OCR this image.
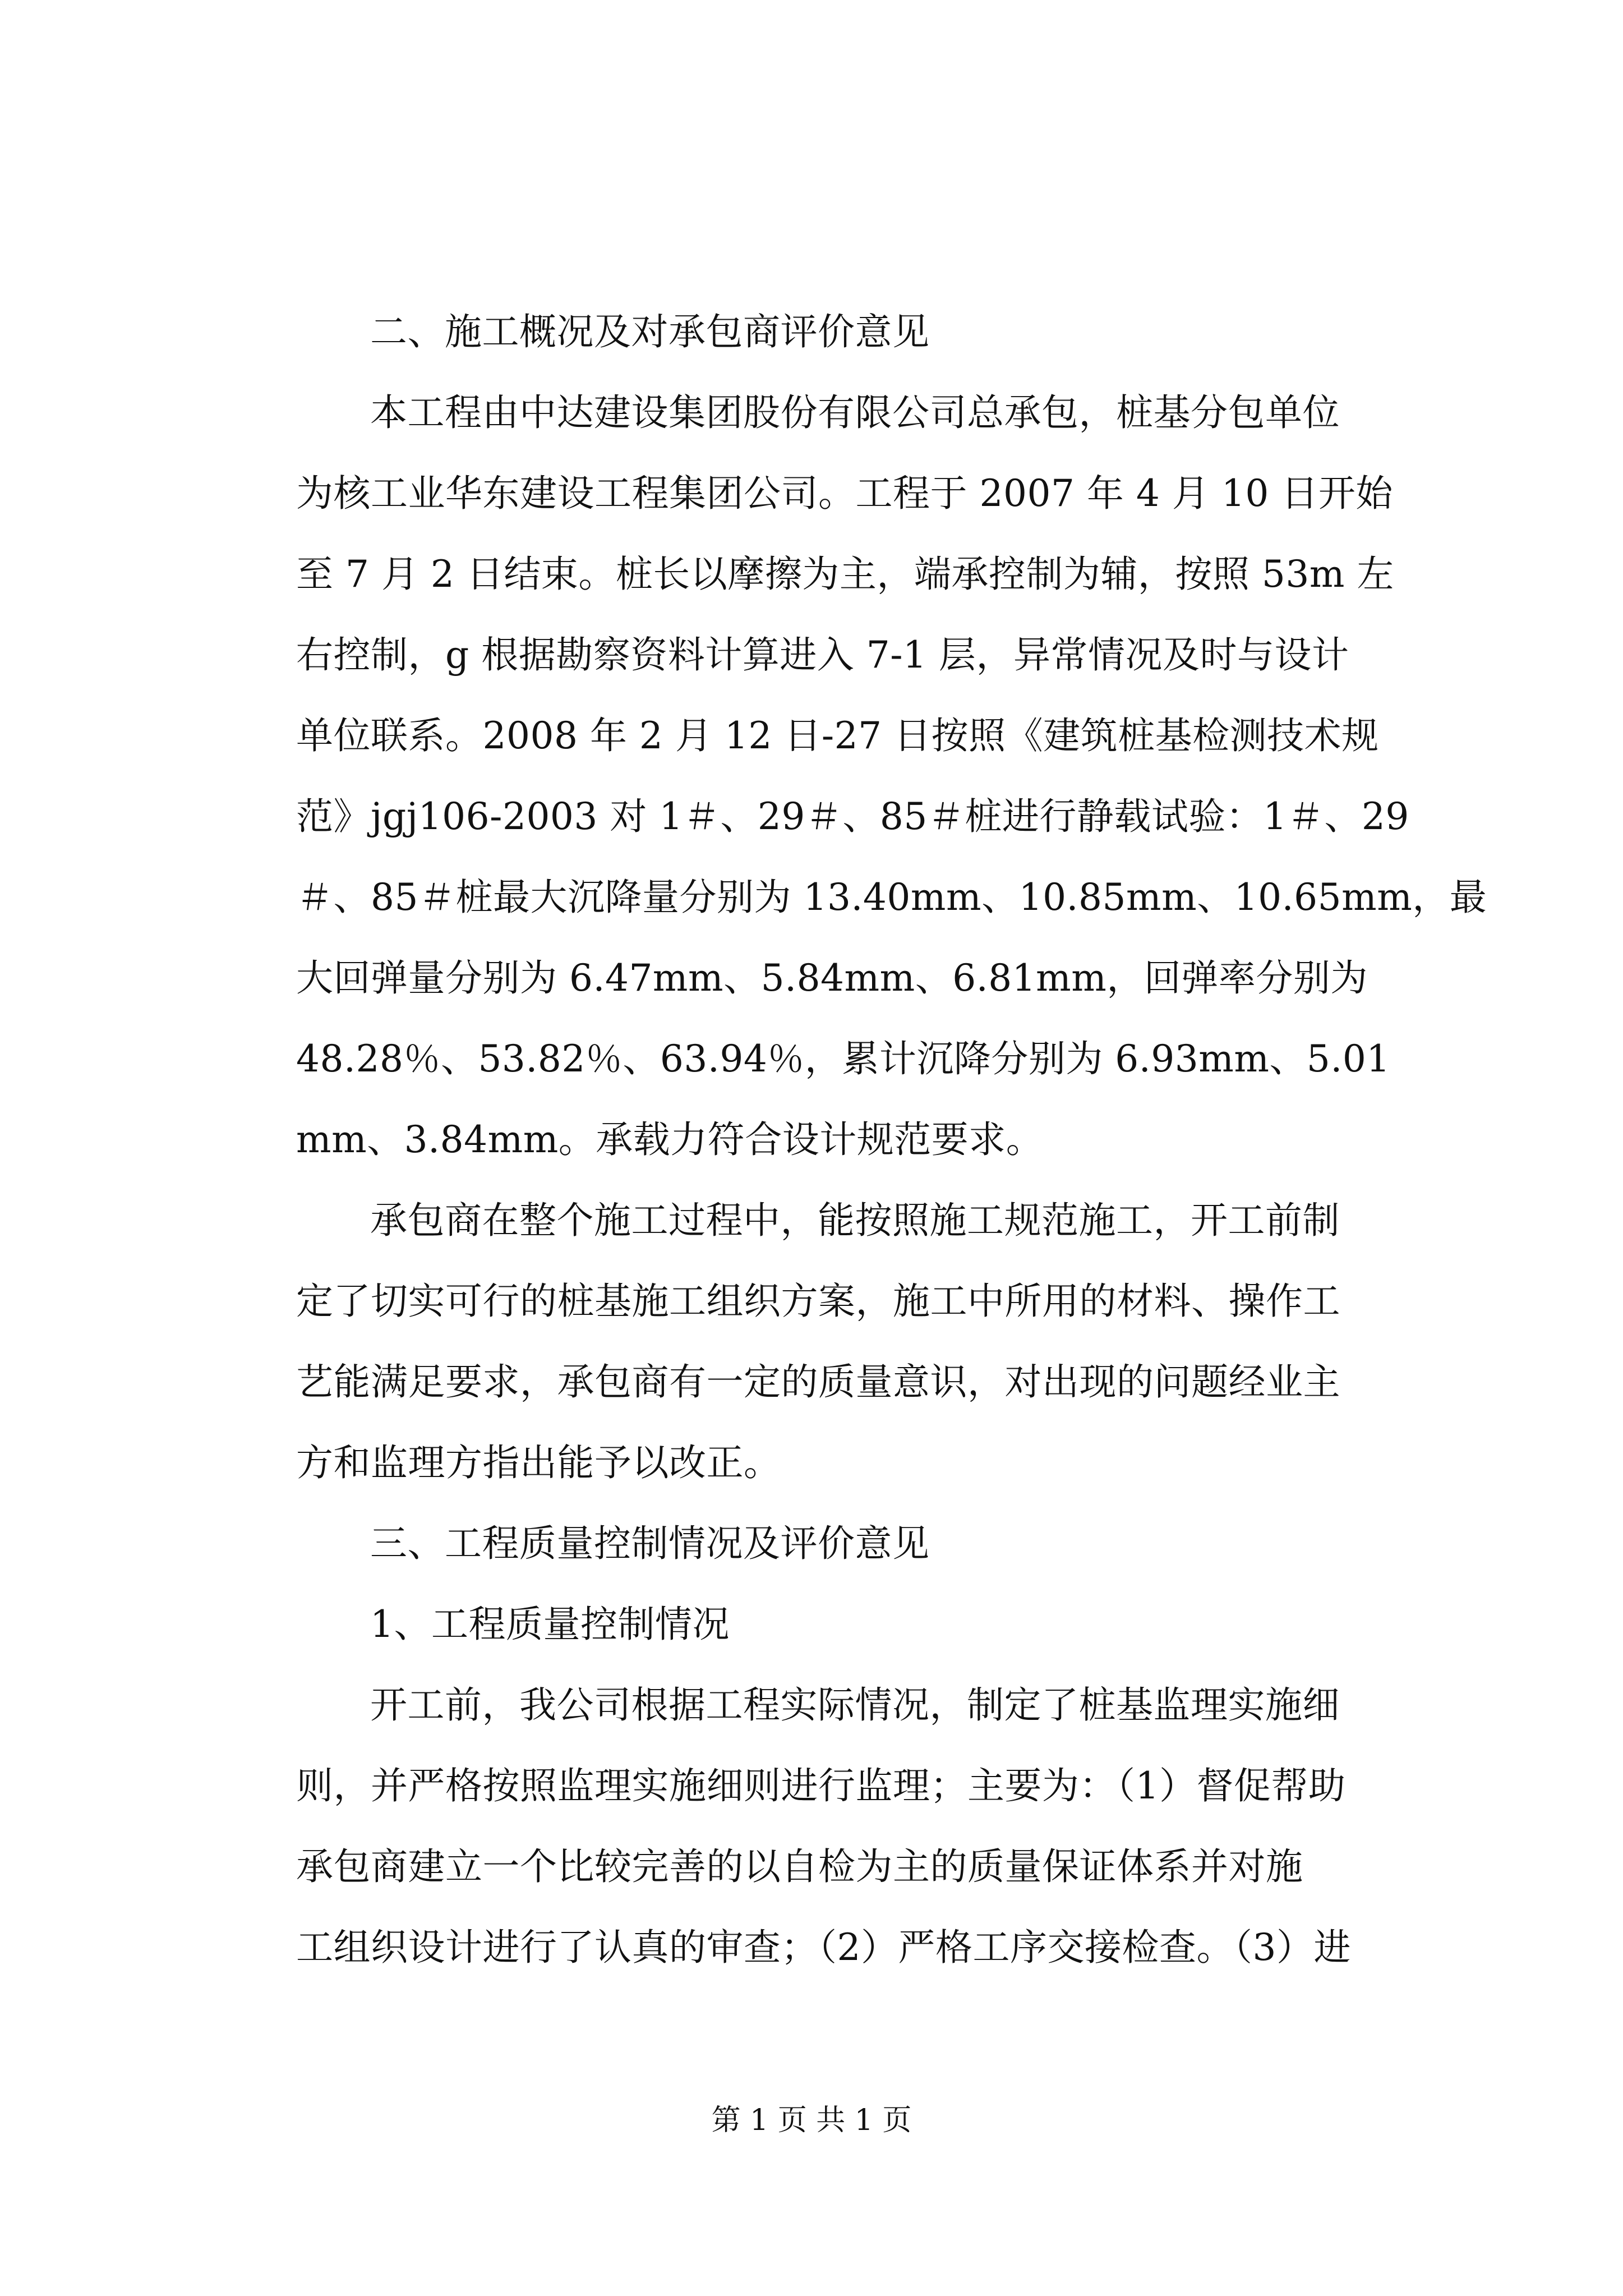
二、施工概况及对承包商评价意见
本工程由中达建设集团股份有限公司总承包，桩基分包单位
为核工业华东建设工程集团公司。工程于 2007 年 4 月 10 日开始
至 7 月 2 日结束。桩长以摩擦为主，端承控制为辅，按照 53m 左
右控制，g 根据勘察资料计算进入 7-1 层，异常情况及时与设计
单位联系。2008 年 2 月 12 日-27 日按照《建筑桩基检测技术规
范》jgj106-2003 对 1＃、29＃、85＃桩进行静载试验：1＃、29
＃、85＃桩最大沉降量分别为 13.40mm、10.85mm、10.65mm，最
大回弹量分别为 6.47mm、5.84mm、6.81mm，回弹率分别为
48.28％、53.82％、63.94％，累计沉降分别为 6.93mm、5.01
mm、3.84mm。承载力符合设计规范要求。
承包商在整个施工过程中，能按照施工规范施工，开工前制
定了切实可行的桩基施工组织方案，施工中所用的材料、操作工
艺能满足要求，承包商有一定的质量意识，对出现的问题经业主
方和监理方指出能予以改正。
三、工程质量控制情况及评价意见
1、工程质量控制情况
开工前，我公司根据工程实际情况，制定了桩基监理实施细
则，并严格按照监理实施细则进行监理；主要为：（1）督促帮助
承包商建立一个比较完善的以自检为主的质量保证体系并对施
工组织设计进行了认真的审查；（2）严格工序交接检查。（3）进
第 1 页 共 1 页
